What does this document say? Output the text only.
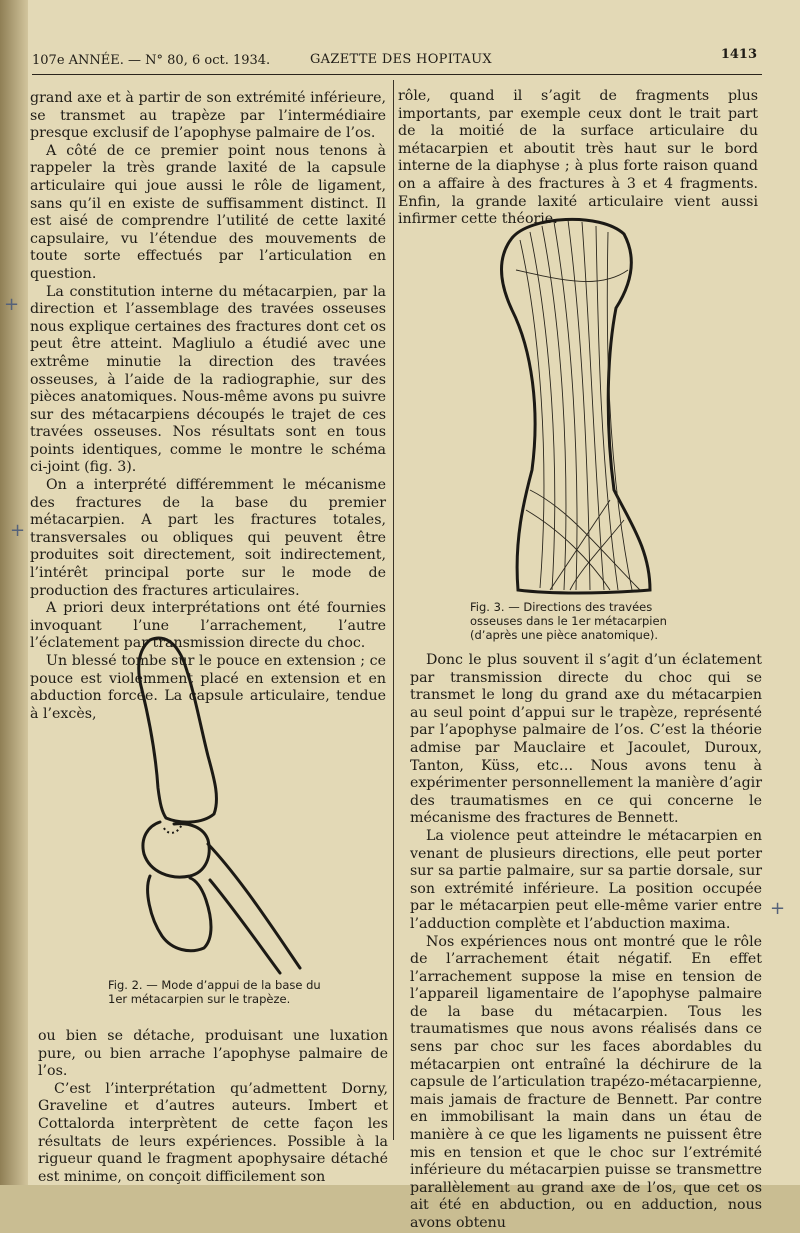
107e ANNÉE. — N° 80, 6 oct. 1934.	GAZETTE DES HOPITAUX	1413

grand axe et à partir de son extrémité inférieure, se transmet au trapèze par l’intermédiaire presque exclusif de l’apophyse palmaire de l’os.

A côté de ce premier point nous tenons à rappeler la très grande laxité de la capsule articulaire qui joue aussi le rôle de ligament, sans qu’il en existe de suffisamment distinct. Il est aisé de comprendre l’utilité de cette laxité capsulaire, vu l’étendue des mouvements de toute sorte effectués par l’articulation en question.

La constitution interne du métacarpien, par la direction et l’assemblage des travées osseuses nous explique certaines des fractures dont cet os peut être atteint. Magliulo a étudié avec une extrême minutie la direction des travées osseuses, à l’aide de la radiographie, sur des pièces anatomiques. Nous-même avons pu suivre sur des métacarpiens découpés le trajet de ces travées osseuses. Nos résultats sont en tous points identiques, comme le montre le schéma ci-joint (fig. 3).

On a interprété différemment le mécanisme des fractures de la base du premier métacarpien. A part les fractures totales, transversales ou obliques qui peuvent être produites soit directement, soit indirectement, l’intérêt principal porte sur le mode de production des fractures articulaires.

A priori deux interprétations ont été fournies invoquant l’une l’arrachement, l’autre l’éclatement par transmission directe du choc.

Un blessé tombe sur le pouce en extension ; ce pouce est violemment placé en extension et en abduction forcée. La capsule articulaire, tendue à l’excès,

Fig. 2. — Mode d’appui de la base du 1er métacarpien sur le trapèze.

ou bien se détache, produisant une luxation pure, ou bien arrache l’apophyse palmaire de l’os.

C’est l’interprétation qu’admettent Dorny, Graveline et d’autres auteurs. Imbert et Cottalorda interprètent de cette façon les résultats de leurs expériences. Possible à la rigueur quand le fragment apophysaire détaché est minime, on conçoit difficilement son

rôle, quand il s’agit de fragments plus importants, par exemple ceux dont le trait part de la moitié de la surface articulaire du métacarpien et aboutit très haut sur le bord interne de la diaphyse ; à plus forte raison quand on a affaire à des fractures à 3 et 4 fragments. Enfin, la grande laxité articulaire vient aussi infirmer cette théorie.

Fig. 3. — Directions des travées osseuses dans le 1er métacarpien (d’après une pièce anatomique).

Donc le plus souvent il s’agit d’un éclatement par transmission directe du choc qui se transmet le long du grand axe du métacarpien au seul point d’appui sur le trapèze, représenté par l’apophyse palmaire de l’os. C’est la théorie admise par Mauclaire et Jacoulet, Duroux, Tanton, Küss, etc… Nous avons tenu à expérimenter personnellement la manière d’agir des traumatismes en ce qui concerne le mécanisme des fractures de Bennett.

La violence peut atteindre le métacarpien en venant de plusieurs directions, elle peut porter sur sa partie palmaire, sur sa partie dorsale, sur son extrémité inférieure. La position occupée par le métacarpien peut elle-même varier entre l’adduction complète et l’abduction maxima.

Nos expériences nous ont montré que le rôle de l’arrachement était négatif. En effet l’arrachement suppose la mise en tension de l’appareil ligamentaire de l’apophyse palmaire de la base du métacarpien. Tous les traumatismes que nous avons réalisés dans ce sens par choc sur les faces abordables du métacarpien ont entraîné la déchirure de la capsule de l’articulation trapézo-métacarpienne, mais jamais de fracture de Bennett. Par contre en immobilisant la main dans un étau de manière à ce que les ligaments ne puissent être mis en tension et que le choc sur l’extrémité inférieure du métacarpien puisse se transmettre parallèlement au grand axe de l’os, que cet os ait été en abduction, ou en adduction, nous avons obtenu

+
+
+
